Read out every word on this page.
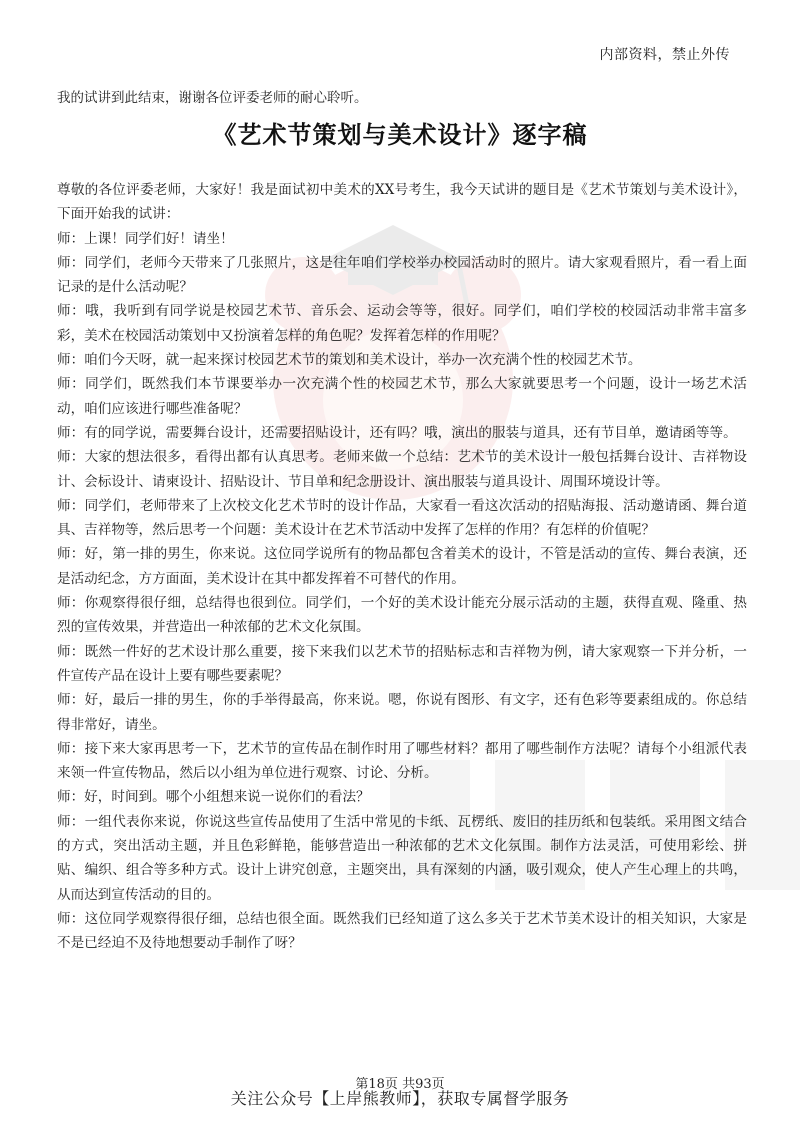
内部资料，禁止外传
我的试讲到此结束，谢谢各位评委老师的耐心聆听。
《艺术节策划与美术设计》逐字稿

尊敬的各位评委老师，大家好！我是面试初中美术的XX号考生，我今天试讲的题目是《艺术节策划与美术设计》，下面开始我的试讲：

师：上课！同学们好！请坐！

师：同学们，老师今天带来了几张照片，这是往年咱们学校举办校园活动时的照片。请大家观看照片，看一看上面记录的是什么活动呢？

师：哦，我听到有同学说是校园艺术节、音乐会、运动会等等，很好。同学们，咱们学校的校园活动非常丰富多彩，美术在校园活动策划中又扮演着怎样的角色呢？发挥着怎样的作用呢？

师：咱们今天呀，就一起来探讨校园艺术节的策划和美术设计，举办一次充满个性的校园艺术节。

师：同学们，既然我们本节课要举办一次充满个性的校园艺术节，那么大家就要思考一个问题，设计一场艺术活动，咱们应该进行哪些准备呢？

师：有的同学说，需要舞台设计，还需要招贴设计，还有吗？哦，演出的服装与道具，还有节目单，邀请函等等。

师：大家的想法很多，看得出都有认真思考。老师来做一个总结：艺术节的美术设计一般包括舞台设计、吉祥物设计、会标设计、请柬设计、招贴设计、节目单和纪念册设计、演出服装与道具设计、周围环境设计等。

师：同学们，老师带来了上次校文化艺术节时的设计作品，大家看一看这次活动的招贴海报、活动邀请函、舞台道具、吉祥物等，然后思考一个问题：美术设计在艺术节活动中发挥了怎样的作用？有怎样的价值呢？

师：好，第一排的男生，你来说。这位同学说所有的物品都包含着美术的设计，不管是活动的宣传、舞台表演，还是活动纪念，方方面面，美术设计在其中都发挥着不可替代的作用。

师：你观察得很仔细，总结得也很到位。同学们，一个好的美术设计能充分展示活动的主题，获得直观、隆重、热烈的宣传效果，并营造出一种浓郁的艺术文化氛围。

师：既然一件好的艺术设计那么重要，接下来我们以艺术节的招贴标志和吉祥物为例，请大家观察一下并分析，一件宣传产品在设计上要有哪些要素呢？

师：好，最后一排的男生，你的手举得最高，你来说。嗯，你说有图形、有文字，还有色彩等要素组成的。你总结得非常好，请坐。

师：接下来大家再思考一下，艺术节的宣传品在制作时用了哪些材料？都用了哪些制作方法呢？请每个小组派代表来领一件宣传物品，然后以小组为单位进行观察、讨论、分析。

师：好，时间到。哪个小组想来说一说你们的看法？

师：一组代表你来说，你说这些宣传品使用了生活中常见的卡纸、瓦楞纸、废旧的挂历纸和包装纸。采用图文结合的方式，突出活动主题，并且色彩鲜艳，能够营造出一种浓郁的艺术文化氛围。制作方法灵活，可使用彩绘、拼贴、编织、组合等多种方式。设计上讲究创意，主题突出，具有深刻的内涵，吸引观众，使人产生心理上的共鸣，从而达到宣传活动的目的。

师：这位同学观察得很仔细，总结也很全面。既然我们已经知道了这么多关于艺术节美术设计的相关知识，大家是不是已经迫不及待地想要动手制作了呀？

第18页 共93页
关注公众号【上岸熊教师】，获取专属督学服务
